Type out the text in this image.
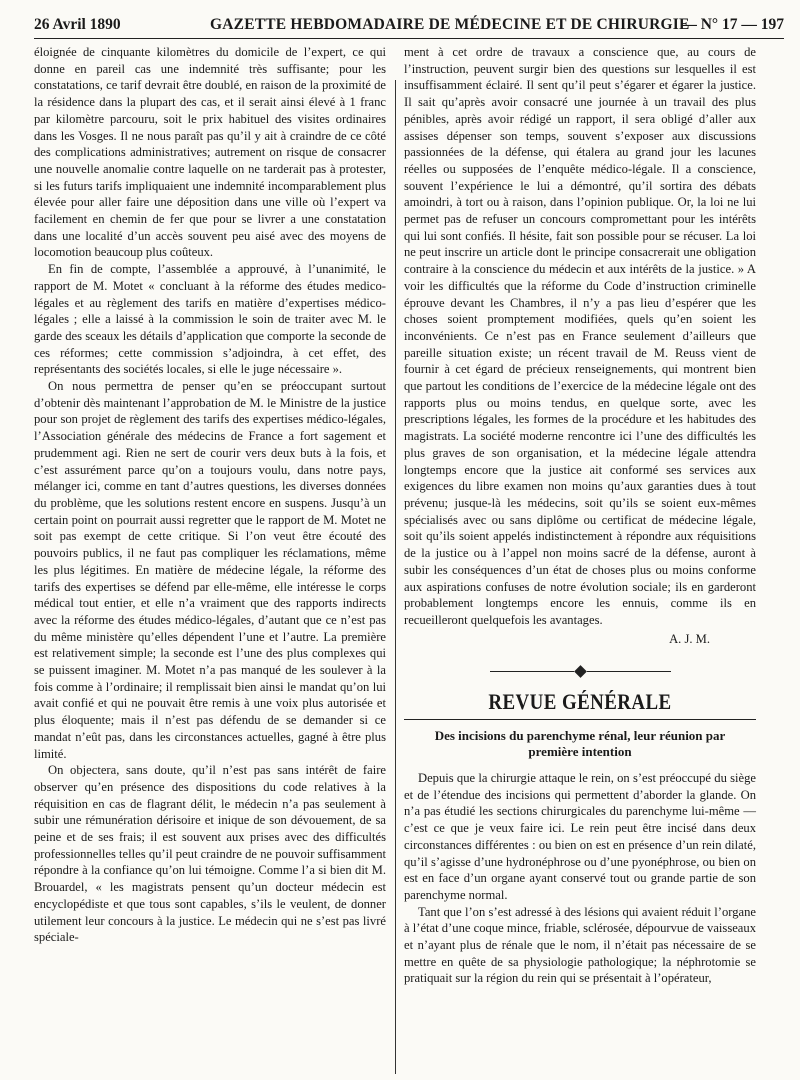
26 Avril 1890	GAZETTE HEBDOMADAIRE DE MÉDECINE ET DE CHIRURGIE
— N° 17 — 197

éloignée de cinquante kilomètres du domicile de l’expert, ce qui donne en pareil cas une indemnité très suffisante; pour les constatations, ce tarif devrait être doublé, en raison de la proximité de la résidence dans la plupart des cas, et il serait ainsi élevé à 1 franc par kilomètre parcouru, soit le prix habituel des visites ordinaires dans les Vosges. Il ne nous paraît pas qu’il y ait à craindre de ce côté des complications administratives; autrement on risque de consacrer une nouvelle anomalie contre laquelle on ne tarderait pas à protester, si les futurs tarifs impliquaient une indemnité incomparablement plus élevée pour aller faire une déposition dans une ville où l’expert va facilement en chemin de fer que pour se livrer a une constatation dans une localité d’un accès souvent peu aisé avec des moyens de locomotion beaucoup plus coûteux.

En fin de compte, l’assemblée a approuvé, à l’unanimité, le rapport de M. Motet « concluant à la réforme des études medico-légales et au règlement des tarifs en matière d’expertises médico-légales ; elle a laissé à la commission le soin de traiter avec M. le garde des sceaux les détails d’application que comporte la seconde de ces réformes; cette commission s’adjoindra, à cet effet, des représentants des sociétés locales, si elle le juge nécessaire ».

On nous permettra de penser qu’en se préoccupant surtout d’obtenir dès maintenant l’approbation de M. le Ministre de la justice pour son projet de règlement des tarifs des expertises médico-légales, l’Association générale des médecins de France a fort sagement et prudemment agi. Rien ne sert de courir vers deux buts à la fois, et c’est assurément parce qu’on a toujours voulu, dans notre pays, mélanger ici, comme en tant d’autres questions, les diverses données du problème, que les solutions restent encore en suspens. Jusqu’à un certain point on pourrait aussi regretter que le rapport de M. Motet ne soit pas exempt de cette critique. Si l’on veut être écouté des pouvoirs publics, il ne faut pas compliquer les réclamations, même les plus légitimes. En matière de médecine légale, la réforme des tarifs des expertises se défend par elle-même, elle intéresse le corps médical tout entier, et elle n’a vraiment que des rapports indirects avec la réforme des études médico-légales, d’autant que ce n’est pas du même ministère qu’elles dépendent l’une et l’autre. La première est relativement simple; la seconde est l’une des plus complexes qui se puissent imaginer. M. Motet n’a pas manqué de les soulever à la fois comme à l’ordinaire; il remplissait bien ainsi le mandat qu’on lui avait confié et qui ne pouvait être remis à une voix plus autorisée et plus éloquente; mais il n’est pas défendu de se demander si ce mandat n’eût pas, dans les circonstances actuelles, gagné à être plus limité.

On objectera, sans doute, qu’il n’est pas sans intérêt de faire observer qu’en présence des dispositions du code relatives à la réquisition en cas de flagrant délit, le médecin n’a pas seulement à subir une rémunération dérisoire et inique de son dévouement, de sa peine et de ses frais; il est souvent aux prises avec des difficultés professionnelles telles qu’il peut craindre de ne pouvoir suffisamment répondre à la confiance qu’on lui témoigne. Comme l’a si bien dit M. Brouardel, « les magistrats pensent qu’un docteur médecin est encyclopédiste et que tous sont capables, s’ils le veulent, de donner utilement leur concours à la justice. Le médecin qui ne s’est pas livré spéciale-

ment à cet ordre de travaux a conscience que, au cours de l’instruction, peuvent surgir bien des questions sur lesquelles il est insuffisamment éclairé. Il sent qu’il peut s’égarer et égarer la justice. Il sait qu’après avoir consacré une journée à un travail des plus pénibles, après avoir rédigé un rapport, il sera obligé d’aller aux assises dépenser son temps, souvent s’exposer aux discussions passionnées de la défense, qui étalera au grand jour les lacunes réelles ou supposées de l’enquête médico-légale. Il a conscience, souvent l’expérience le lui a démontré, qu’il sortira des débats amoindri, à tort ou à raison, dans l’opinion publique. Or, la loi ne lui permet pas de refuser un concours compromettant pour les intérêts qui lui sont confiés. Il hésite, fait son possible pour se récuser. La loi ne peut inscrire un article dont le principe consacrerait une obligation contraire à la conscience du médecin et aux intérêts de la justice. » A voir les difficultés que la réforme du Code d’instruction criminelle éprouve devant les Chambres, il n’y a pas lieu d’espérer que les choses soient promptement modifiées, quels qu’en soient les inconvénients. Ce n’est pas en France seulement d’ailleurs que pareille situation existe; un récent travail de M. Reuss vient de fournir à cet égard de précieux renseignements, qui montrent bien que partout les conditions de l’exercice de la médecine légale ont des rapports plus ou moins tendus, en quelque sorte, avec les prescriptions légales, les formes de la procédure et les habitudes des magistrats. La société moderne rencontre ici l’une des difficultés les plus graves de son organisation, et la médecine légale attendra longtemps encore que la justice ait conformé ses services aux exigences du libre examen non moins qu’aux garanties dues à tout prévenu; jusque-là les médecins, soit qu’ils se soient eux-mêmes spécialisés avec ou sans diplôme ou certificat de médecine légale, soit qu’ils soient appelés indistinctement à répondre aux réquisitions de la justice ou à l’appel non moins sacré de la défense, auront à subir les conséquences d’un état de choses plus ou moins conforme aux aspirations confuses de notre évolution sociale; ils en garderont probablement longtemps encore les ennuis, comme ils en recueilleront quelquefois les avantages.

A. J. M.
REVUE GÉNÉRALE
Des incisions du parenchyme rénal, leur réunion par première intention

Depuis que la chirurgie attaque le rein, on s’est préoccupé du siège et de l’étendue des incisions qui permettent d’aborder la glande. On n’a pas étudié les sections chirurgicales du parenchyme lui-même — c’est ce que je veux faire ici. Le rein peut être incisé dans deux circonstances différentes : ou bien on est en présence d’un rein dilaté, qu’il s’agisse d’une hydronéphrose ou d’une pyonéphrose, ou bien on est en face d’un organe ayant conservé tout ou grande partie de son parenchyme normal.

Tant que l’on s’est adressé à des lésions qui avaient réduit l’organe à l’état d’une coque mince, friable, sclérosée, dépourvue de vaisseaux et n’ayant plus de rénale que le nom, il n’était pas nécessaire de se mettre en quête de sa physiologie pathologique; la néphrotomie se pratiquait sur la région du rein qui se présentait à l’opérateur,
